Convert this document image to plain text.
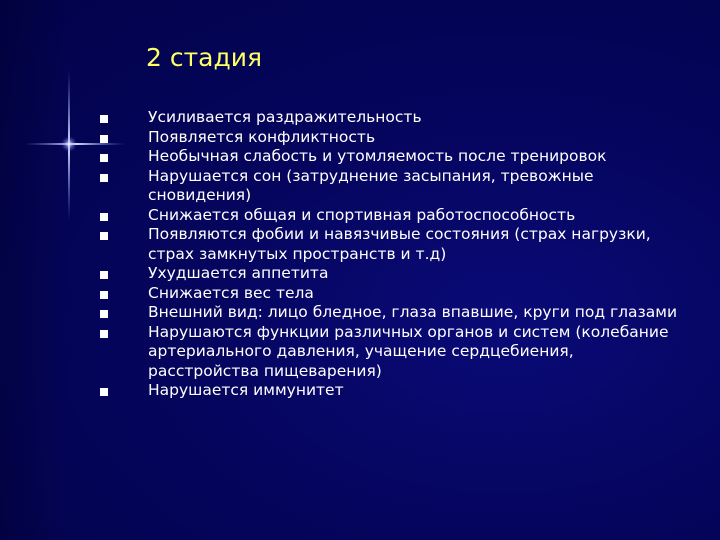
2 стадия
Усиливается раздражительность
Появляется конфликтность
Необычная слабость и утомляемость после тренировок
Нарушается сон (затруднение засыпания, тревожные сновидения)
Снижается общая и спортивная работоспособность
Появляются фобии и навязчивые состояния (страх нагрузки, страх замкнутых пространств и т.д)
Ухудшается аппетита
Снижается вес тела
Внешний вид: лицо бледное, глаза впавшие, круги под глазами
Нарушаются функции различных органов и систем (колебание артериального давления, учащение сердцебиения, расстройства пищеварения)
Нарушается иммунитет
